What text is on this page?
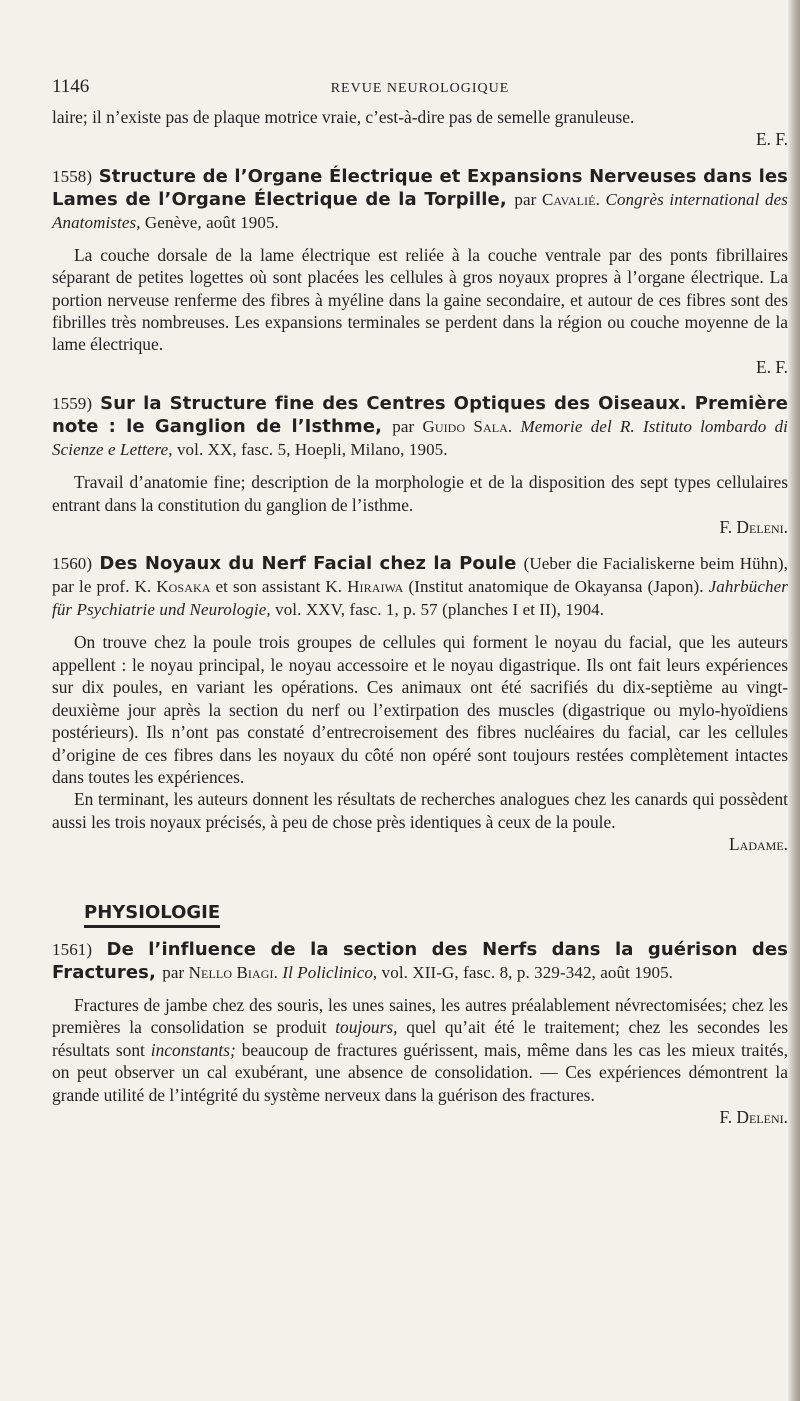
1146	REVUE NEUROLOGIQUE

laire; il n’existe pas de plaque motrice vraie, c’est-à-dire pas de semelle granuleuse.

E. F.

1558) Structure de l’Organe Électrique et Expansions Nerveuses dans les Lames de l’Organe Électrique de la Torpille, par Cavalié. Congrès international des Anatomistes, Genève, août 1905.

La couche dorsale de la lame électrique est reliée à la couche ventrale par des ponts fibrillaires séparant de petites logettes où sont placées les cellules à gros noyaux propres à l’organe électrique. La portion nerveuse renferme des fibres à myéline dans la gaine secondaire, et autour de ces fibres sont des fibrilles très nombreuses. Les expansions terminales se perdent dans la région ou couche moyenne de la lame électrique.

E. F.

1559) Sur la Structure fine des Centres Optiques des Oiseaux. Première note : le Ganglion de l’Isthme, par Guido Sala. Memorie del R. Istituto lombardo di Scienze e Lettere, vol. XX, fasc. 5, Hoepli, Milano, 1905.

Travail d’anatomie fine; description de la morphologie et de la disposition des sept types cellulaires entrant dans la constitution du ganglion de l’isthme.

F. Deleni.

1560) Des Noyaux du Nerf Facial chez la Poule (Ueber die Facialiskerne beim Hühn), par le prof. K. Kosaka et son assistant K. Hiraiwa (Institut anatomique de Okayansa (Japon). Jahrbücher für Psychiatrie und Neurologie, vol. XXV, fasc. 1, p. 57 (planches I et II), 1904.

On trouve chez la poule trois groupes de cellules qui forment le noyau du facial, que les auteurs appellent : le noyau principal, le noyau accessoire et le noyau digastrique. Ils ont fait leurs expériences sur dix poules, en variant les opérations. Ces animaux ont été sacrifiés du dix-septième au vingt-deuxième jour après la section du nerf ou l’extirpation des muscles (digastrique ou mylo-hyoïdiens postérieurs). Ils n’ont pas constaté d’entrecroisement des fibres nucléaires du facial, car les cellules d’origine de ces fibres dans les noyaux du côté non opéré sont toujours restées complètement intactes dans toutes les expériences.

En terminant, les auteurs donnent les résultats de recherches analogues chez les canards qui possèdent aussi les trois noyaux précisés, à peu de chose près identiques à ceux de la poule.

Ladame.

PHYSIOLOGIE

1561) De l’influence de la section des Nerfs dans la guérison des Fractures, par Nello Biagi. Il Policlinico, vol. XII-G, fasc. 8, p. 329-342, août 1905.

Fractures de jambe chez des souris, les unes saines, les autres préalablement névrectomisées; chez les premières la consolidation se produit toujours, quel qu’ait été le traitement; chez les secondes les résultats sont inconstants; beaucoup de fractures guérissent, mais, même dans les cas les mieux traités, on peut observer un cal exubérant, une absence de consolidation. — Ces expériences démontrent la grande utilité de l’intégrité du système nerveux dans la guérison des fractures.

F. Deleni.
